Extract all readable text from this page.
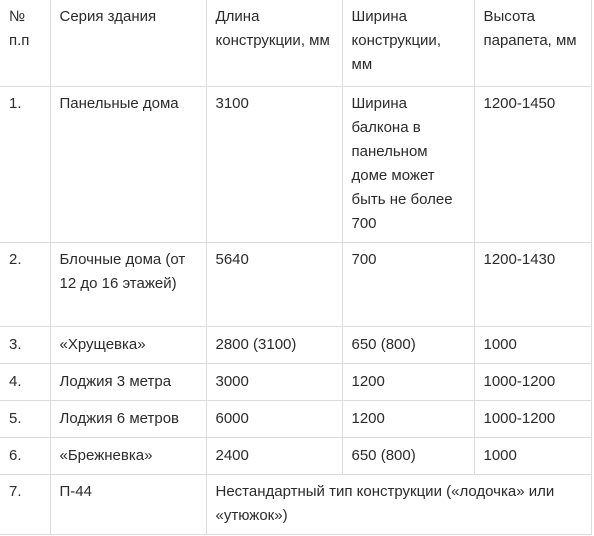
№ п.п	Серия здания	Длина конструкции, мм	Ширина конструкции, мм	Высота парапета, мм
1.	Панельные дома	3100	Ширина балкона в панельном доме может быть не более 700	1200-1450
2.	Блочные дома (от 12 до 16 этажей)	5640	700	1200-1430
3.	«Хрущевка»	2800 (3100)	650 (800)	1000
4.	Лоджия 3 метра	3000	1200	1000-1200
5.	Лоджия 6 метров	6000	1200	1000-1200
6.	«Брежневка»	2400	650 (800)	1000
7.	П-44	Нестандартный тип конструкции («лодочка» или «утюжок»)		
